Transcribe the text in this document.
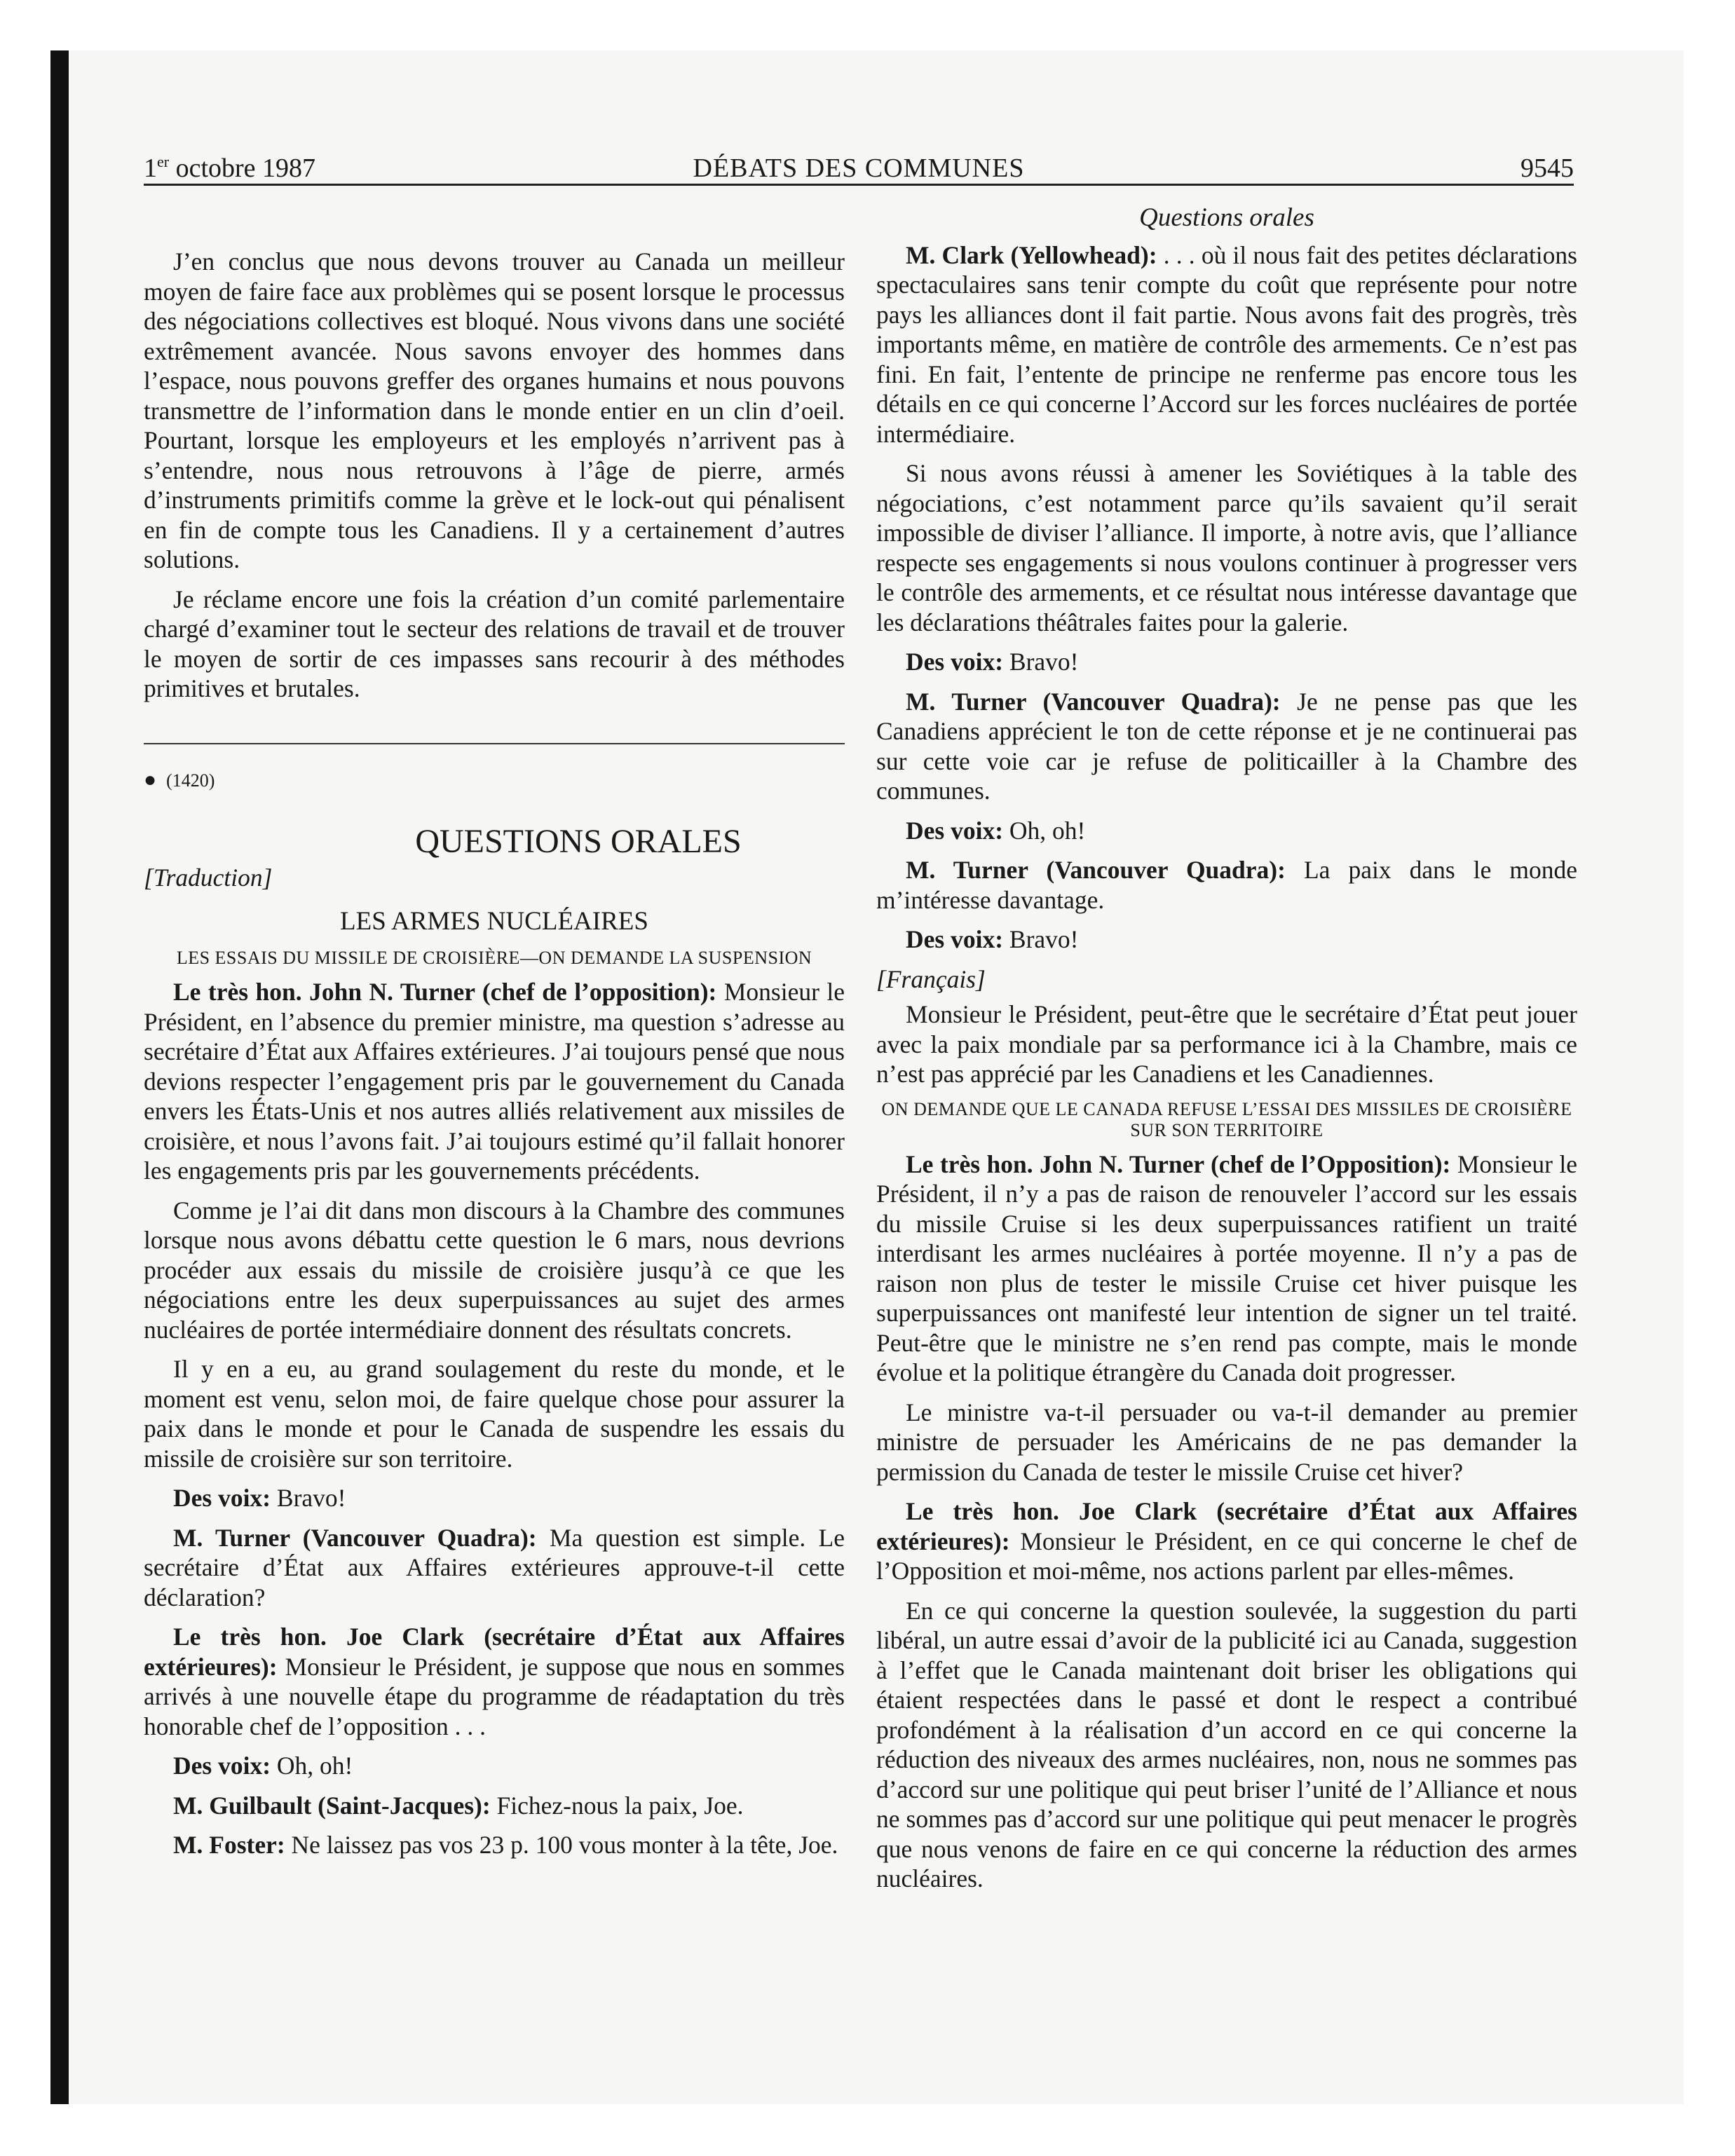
1er octobre 1987	DÉBATS DES COMMUNES	9545

J’en conclus que nous devons trouver au Canada un meilleur moyen de faire face aux problèmes qui se posent lorsque le processus des négociations collectives est bloqué. Nous vivons dans une société extrêmement avancée. Nous savons envoyer des hommes dans l’espace, nous pouvons greffer des organes humains et nous pouvons transmettre de l’information dans le monde entier en un clin d’oeil. Pourtant, lorsque les employeurs et les employés n’arrivent pas à s’entendre, nous nous retrouvons à l’âge de pierre, armés d’instruments primitifs comme la grève et le lock-out qui pénalisent en fin de compte tous les Canadiens. Il y a certainement d’autres solutions.

Je réclame encore une fois la création d’un comité parlementaire chargé d’examiner tout le secteur des relations de travail et de trouver le moyen de sortir de ces impasses sans recourir à des méthodes primitives et brutales.

● (1420)
QUESTIONS ORALES
[Traduction]
LES ARMES NUCLÉAIRES
LES ESSAIS DU MISSILE DE CROISIÈRE—ON DEMANDE LA SUSPENSION

Le très hon. John N. Turner (chef de l’opposition): Monsieur le Président, en l’absence du premier ministre, ma question s’adresse au secrétaire d’État aux Affaires extérieures. J’ai toujours pensé que nous devions respecter l’engagement pris par le gouvernement du Canada envers les États-Unis et nos autres alliés relativement aux missiles de croisière, et nous l’avons fait. J’ai toujours estimé qu’il fallait honorer les engagements pris par les gouvernements précédents.

Comme je l’ai dit dans mon discours à la Chambre des communes lorsque nous avons débattu cette question le 6 mars, nous devrions procéder aux essais du missile de croisière jusqu’à ce que les négociations entre les deux superpuissances au sujet des armes nucléaires de portée intermédiaire donnent des résultats concrets.

Il y en a eu, au grand soulagement du reste du monde, et le moment est venu, selon moi, de faire quelque chose pour assurer la paix dans le monde et pour le Canada de suspendre les essais du missile de croisière sur son territoire.

Des voix: Bravo!

M. Turner (Vancouver Quadra): Ma question est simple. Le secrétaire d’État aux Affaires extérieures approuve-t-il cette déclaration?

Le très hon. Joe Clark (secrétaire d’État aux Affaires extérieures): Monsieur le Président, je suppose que nous en sommes arrivés à une nouvelle étape du programme de réadaptation du très honorable chef de l’opposition . . .

Des voix: Oh, oh!

M. Guilbault (Saint-Jacques): Fichez-nous la paix, Joe.

M. Foster: Ne laissez pas vos 23 p. 100 vous monter à la tête, Joe.

Questions orales

M. Clark (Yellowhead): . . . où il nous fait des petites déclarations spectaculaires sans tenir compte du coût que représente pour notre pays les alliances dont il fait partie. Nous avons fait des progrès, très importants même, en matière de contrôle des armements. Ce n’est pas fini. En fait, l’entente de principe ne renferme pas encore tous les détails en ce qui concerne l’Accord sur les forces nucléaires de portée intermédiaire.

Si nous avons réussi à amener les Soviétiques à la table des négociations, c’est notamment parce qu’ils savaient qu’il serait impossible de diviser l’alliance. Il importe, à notre avis, que l’alliance respecte ses engagements si nous voulons continuer à progresser vers le contrôle des armements, et ce résultat nous intéresse davantage que les déclarations théâtrales faites pour la galerie.

Des voix: Bravo!

M. Turner (Vancouver Quadra): Je ne pense pas que les Canadiens apprécient le ton de cette réponse et je ne continuerai pas sur cette voie car je refuse de politicailler à la Chambre des communes.

Des voix: Oh, oh!

M. Turner (Vancouver Quadra): La paix dans le monde m’intéresse davantage.

Des voix: Bravo!

[Français]

Monsieur le Président, peut-être que le secrétaire d’État peut jouer avec la paix mondiale par sa performance ici à la Chambre, mais ce n’est pas apprécié par les Canadiens et les Canadiennes.

ON DEMANDE QUE LE CANADA REFUSE L’ESSAI DES MISSILES DE CROISIÈRE SUR SON TERRITOIRE

Le très hon. John N. Turner (chef de l’Opposition): Monsieur le Président, il n’y a pas de raison de renouveler l’accord sur les essais du missile Cruise si les deux superpuissances ratifient un traité interdisant les armes nucléaires à portée moyenne. Il n’y a pas de raison non plus de tester le missile Cruise cet hiver puisque les superpuissances ont manifesté leur intention de signer un tel traité. Peut-être que le ministre ne s’en rend pas compte, mais le monde évolue et la politique étrangère du Canada doit progresser.

Le ministre va-t-il persuader ou va-t-il demander au premier ministre de persuader les Américains de ne pas demander la permission du Canada de tester le missile Cruise cet hiver?

Le très hon. Joe Clark (secrétaire d’État aux Affaires extérieures): Monsieur le Président, en ce qui concerne le chef de l’Opposition et moi-même, nos actions parlent par elles-mêmes.

En ce qui concerne la question soulevée, la suggestion du parti libéral, un autre essai d’avoir de la publicité ici au Canada, suggestion à l’effet que le Canada maintenant doit briser les obligations qui étaient respectées dans le passé et dont le respect a contribué profondément à la réalisation d’un accord en ce qui concerne la réduction des niveaux des armes nucléaires, non, nous ne sommes pas d’accord sur une politique qui peut briser l’unité de l’Alliance et nous ne sommes pas d’accord sur une politique qui peut menacer le progrès que nous venons de faire en ce qui concerne la réduction des armes nucléaires.
